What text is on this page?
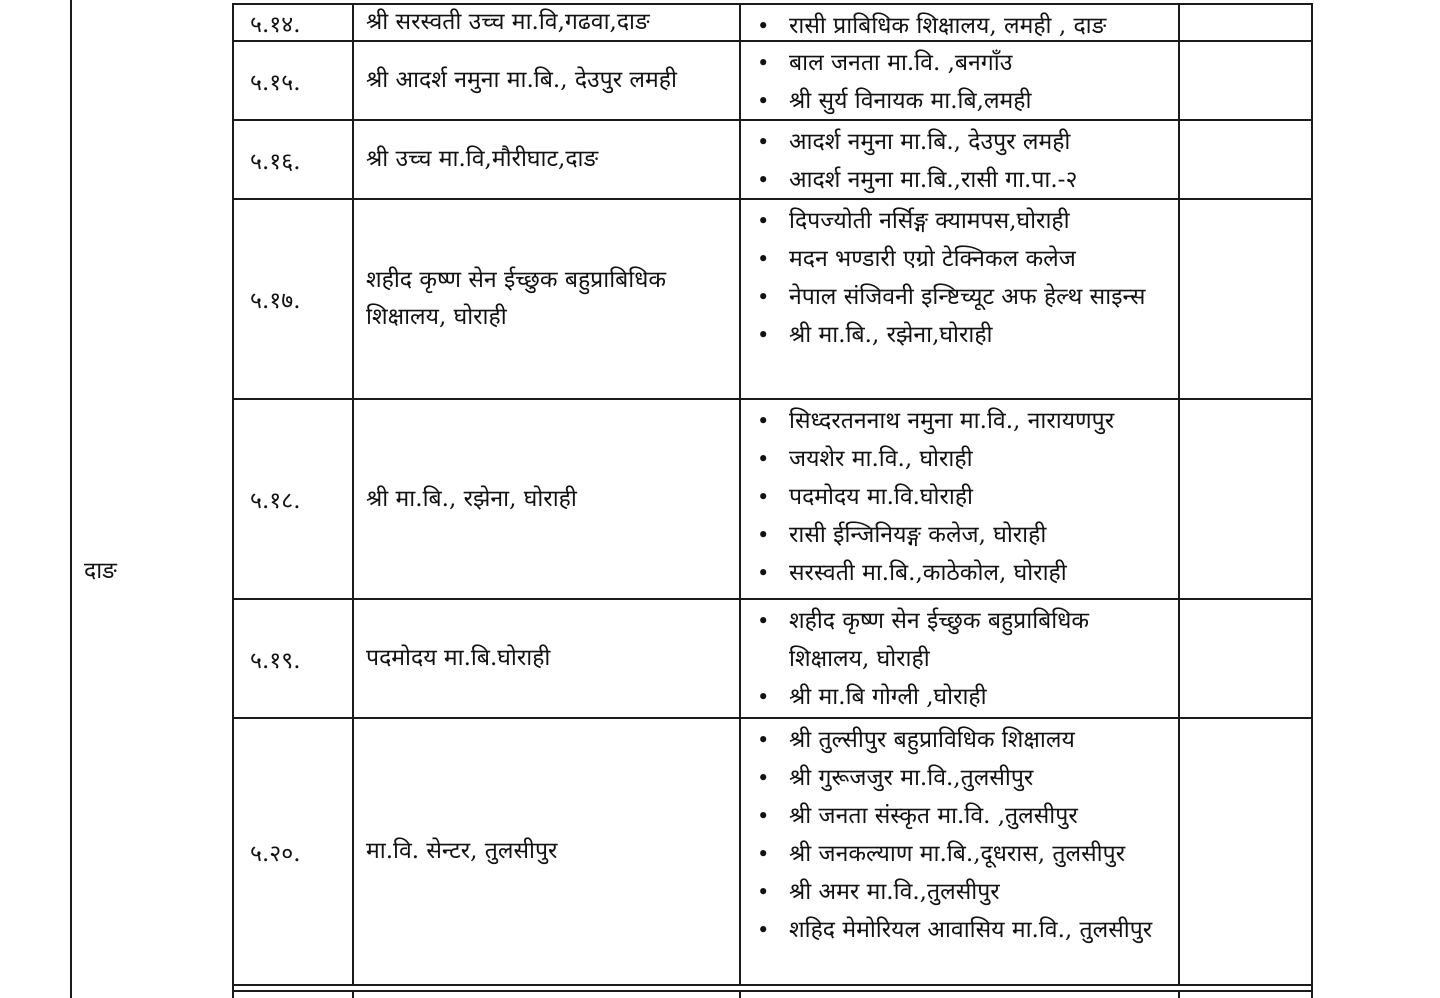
दाङ
५.१४.	श्री सरस्वती उच्च मा.वि,गढवा,दाङ	• रासी प्राबिधिक शिक्षालय, लमही , दाङ
५.१५.	श्री आदर्श नमुना मा.बि., देउपुर लमही
• बाल जनता मा.वि. ,बनगाँउ
• श्री सुर्य विनायक मा.बि,लमही
५.१६.	श्री उच्च मा.वि,मौरीघाट,दाङ
• आदर्श नमुना मा.बि., देउपुर लमही
• आदर्श नमुना मा.बि.,रासी गा.पा.-२
५.१७.
शहीद कृष्ण सेन ईच्छुक बहुप्राबिधिक शिक्षालय, घोराही
• दिपज्योती नर्सिङ्ग क्यामपस,घोराही
• मदन भण्डारी एग्रो टेक्निकल कलेज
• नेपाल संजिवनी इन्ष्टिच्यूट अफ हेल्थ साइन्स
• श्री मा.बि., रझेना,घोराही
५.१८.	श्री मा.बि., रझेना, घोराही
• सिध्दरतननाथ नमुना मा.वि., नारायणपुर
• जयशेर मा.वि., घोराही
• पदमोदय मा.वि.घोराही
• रासी ईन्जिनियङ्ग कलेज, घोराही
• सरस्वती मा.बि.,काठेकोल, घोराही
५.१९.	पदमोदय मा.बि.घोराही
• शहीद कृष्ण सेन ईच्छुक बहुप्राबिधिक शिक्षालय, घोराही
• श्री मा.बि गोग्ली ,घोराही
५.२०.	मा.वि. सेन्टर, तुलसीपुर
• श्री तुल्सीपुर बहुप्राविधिक शिक्षालय
• श्री गुरूजजुर मा.वि.,तुलसीपुर
• श्री जनता संस्कृत मा.वि. ,तुलसीपुर
• श्री जनकल्याण मा.बि.,दूधरास, तुलसीपुर
• श्री अमर मा.वि.,तुलसीपुर
• शहिद मेमोरियल आवासिय मा.वि., तुलसीपुर
